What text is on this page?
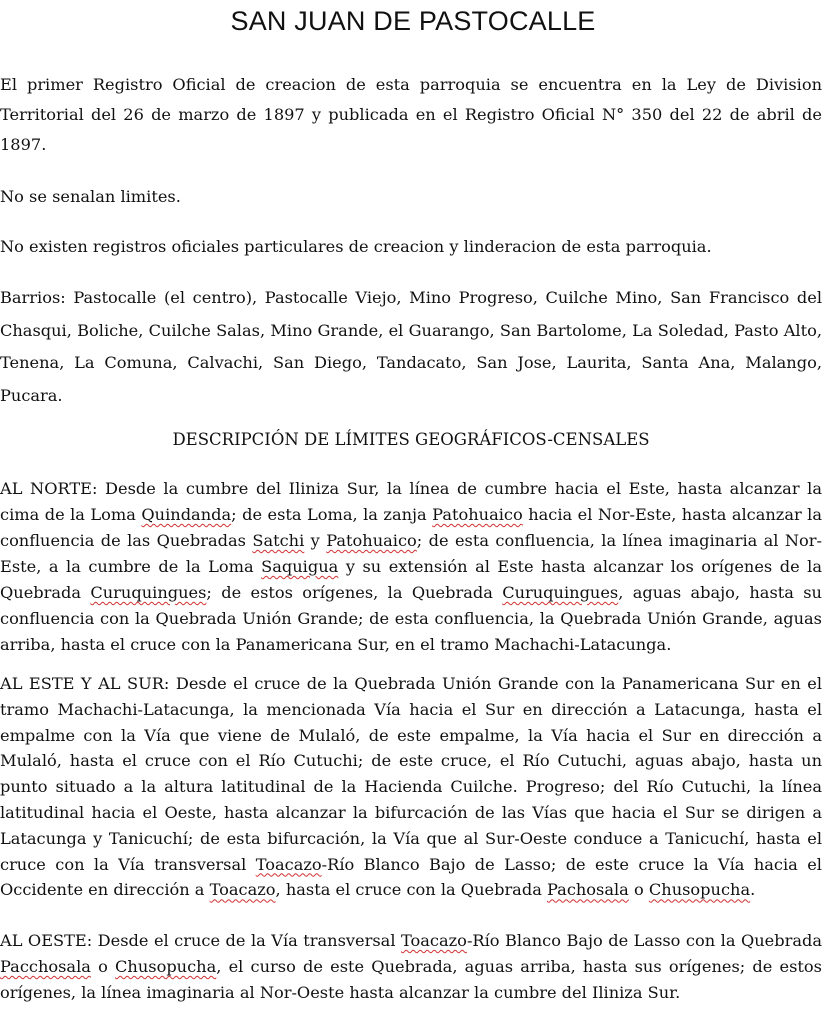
SAN JUAN DE PASTOCALLE

El primer Registro Oficial de creacion de esta parroquia se encuentra en la Ley de Division Territorial del 26 de marzo de 1897 y publicada en el Registro Oficial N° 350 del 22 de abril de 1897.

No se senalan limites.

No existen registros oficiales particulares de creacion y linderacion de esta parroquia.

Barrios: Pastocalle (el centro), Pastocalle Viejo, Mino Progreso, Cuilche Mino, San Francisco del Chasqui, Boliche, Cuilche Salas, Mino Grande, el Guarango, San Bartolome, La Soledad, Pasto Alto, Tenena, La Comuna, Calvachi, San Diego, Tandacato, San Jose, Laurita, Santa Ana, Malango, Pucara.

DESCRIPCIÓN DE LÍMITES GEOGRÁFICOS-CENSALES

AL NORTE: Desde la cumbre del Iliniza Sur, la línea de cumbre hacia el Este, hasta alcanzar la cima de la Loma Quindanda; de esta Loma, la zanja Patohuaico hacia el Nor-Este, hasta alcanzar la confluencia de las Quebradas Satchi y Patohuaico; de esta confluencia, la línea imaginaria al Nor-Este, a la cumbre de la Loma Saquigua y su extensión al Este hasta alcanzar los orígenes de la Quebrada Curuquingues; de estos orígenes, la Quebrada Curuquingues, aguas abajo, hasta su confluencia con la Quebrada Unión Grande; de esta confluencia, la Quebrada Unión Grande, aguas arriba, hasta el cruce con la Panamericana Sur, en el tramo Machachi-Latacunga.

AL ESTE Y AL SUR: Desde el cruce de la Quebrada Unión Grande con la Panamericana Sur en el tramo Machachi-Latacunga, la mencionada Vía hacia el Sur en dirección a Latacunga, hasta el empalme con la Vía que viene de Mulaló, de este empalme, la Vía hacia el Sur en dirección a Mulaló, hasta el cruce con el Río Cutuchi; de este cruce, el Río Cutuchi, aguas abajo, hasta un punto situado a la altura latitudinal de la Hacienda Cuilche. Progreso; del Río Cutuchi, la línea latitudinal hacia el Oeste, hasta alcanzar la bifurcación de las Vías que hacia el Sur se dirigen a Latacunga y Tanicuchí; de esta bifurcación, la Vía que al Sur-Oeste conduce a Tanicuchí, hasta el cruce con la Vía transversal Toacazo-Río Blanco Bajo de Lasso; de este cruce la Vía hacia el Occidente en dirección a Toacazo, hasta el cruce con la Quebrada Pachosala o Chusopucha.

AL OESTE: Desde el cruce de la Vía transversal Toacazo-Río Blanco Bajo de Lasso con la Quebrada Pacchosala o Chusopucha, el curso de este Quebrada, aguas arriba, hasta sus orígenes; de estos orígenes, la línea imaginaria al Nor-Oeste hasta alcanzar la cumbre del Iliniza Sur.
